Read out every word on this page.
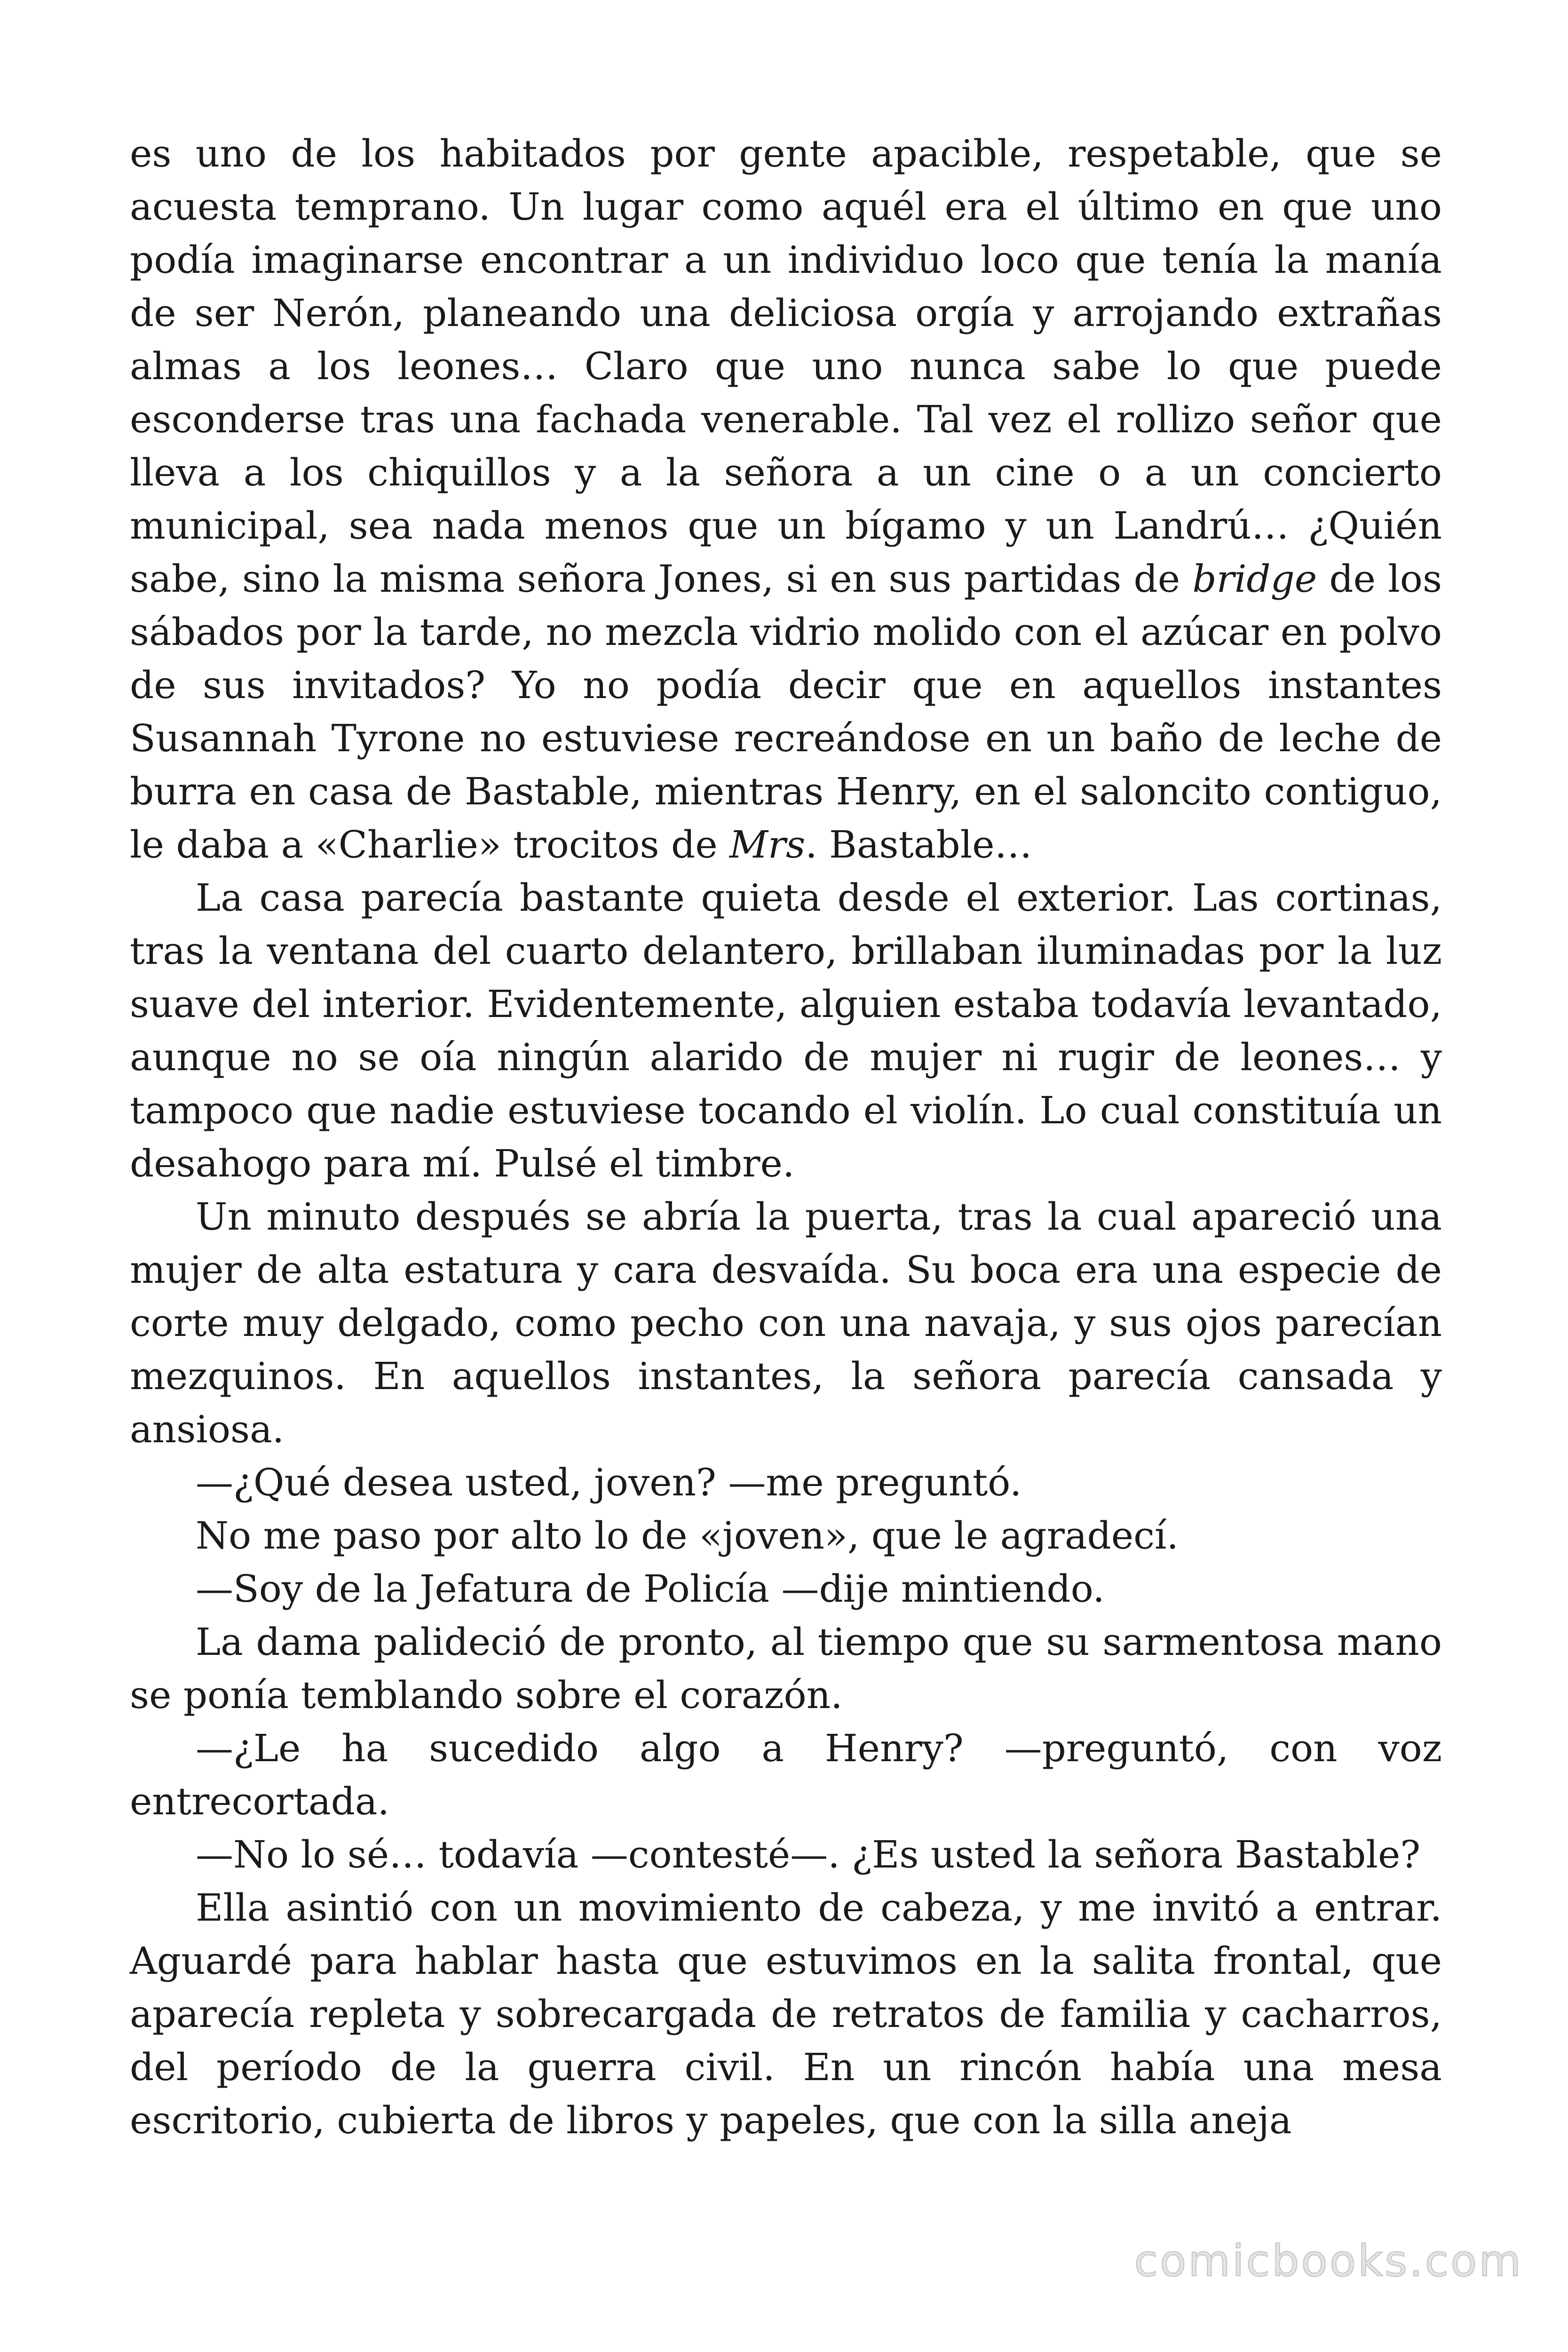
es uno de los habitados por gente apacible, respetable, que se acuesta temprano. Un lugar como aquél era el último en que uno podía imaginarse encontrar a un individuo loco que tenía la manía de ser Nerón, planeando una deliciosa orgía y arrojando extrañas almas a los leones… Claro que uno nunca sabe lo que puede esconderse tras una fachada venerable. Tal vez el rollizo señor que lleva a los chiquillos y a la señora a un cine o a un concierto municipal, sea nada menos que un bígamo y un Landrú… ¿Quién sabe, sino la misma señora Jones, si en sus partidas de bridge de los sábados por la tarde, no mezcla vidrio molido con el azúcar en polvo de sus invitados? Yo no podía decir que en aquellos instantes Susannah Tyrone no estuviese recreándose en un baño de leche de burra en casa de Bastable, mientras Henry, en el saloncito contiguo, le daba a «Charlie» trocitos de Mrs. Bastable…

La casa parecía bastante quieta desde el exterior. Las cortinas, tras la ventana del cuarto delantero, brillaban iluminadas por la luz suave del interior. Evidentemente, alguien estaba todavía levantado, aunque no se oía ningún alarido de mujer ni rugir de leones… y tampoco que nadie estuviese tocando el violín. Lo cual constituía un desahogo para mí. Pulsé el timbre.

Un minuto después se abría la puerta, tras la cual apareció una mujer de alta estatura y cara desvaída. Su boca era una especie de corte muy delgado, como pecho con una navaja, y sus ojos parecían mezquinos. En aquellos instantes, la señora parecía cansada y ansiosa.

—¿Qué desea usted, joven? —me preguntó.

No me paso por alto lo de «joven», que le agradecí.

—Soy de la Jefatura de Policía —dije mintiendo.

La dama palideció de pronto, al tiempo que su sarmentosa mano se ponía temblando sobre el corazón.

—¿Le ha sucedido algo a Henry? —preguntó, con voz entrecortada.

—No lo sé… todavía —contesté—. ¿Es usted la señora Bastable?

Ella asintió con un movimiento de cabeza, y me invitó a entrar. Aguardé para hablar hasta que estuvimos en la salita frontal, que aparecía repleta y sobrecargada de retratos de familia y cacharros, del período de la guerra civil. En un rincón había una mesa escritorio, cubierta de libros y papeles, que con la silla aneja

comicbooks.com
